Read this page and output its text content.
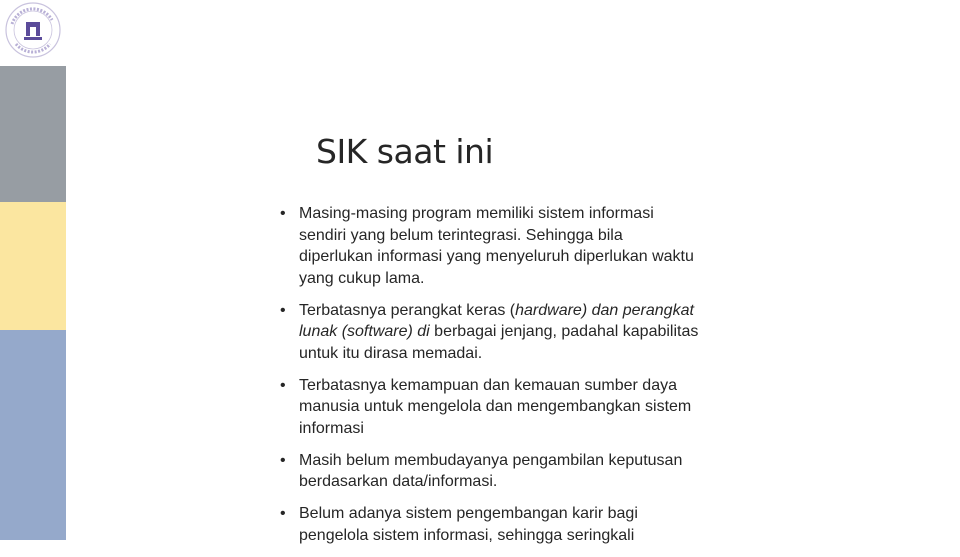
SIK saat ini
• Masing-masing program memiliki sistem informasi sendiri yang belum terintegrasi. Sehingga bila diperlukan informasi yang menyeluruh diperlukan waktu yang cukup lama.
• Terbatasnya perangkat keras (hardware) dan perangkat lunak (software) di berbagai jenjang, padahal kapabilitas untuk itu dirasa memadai.
• Terbatasnya kemampuan dan kemauan sumber daya manusia untuk mengelola dan mengembangkan sistem informasi
• Masih belum membudayanya pengambilan keputusan berdasarkan data/informasi.
• Belum adanya sistem pengembangan karir bagi pengelola sistem informasi, sehingga seringkali
